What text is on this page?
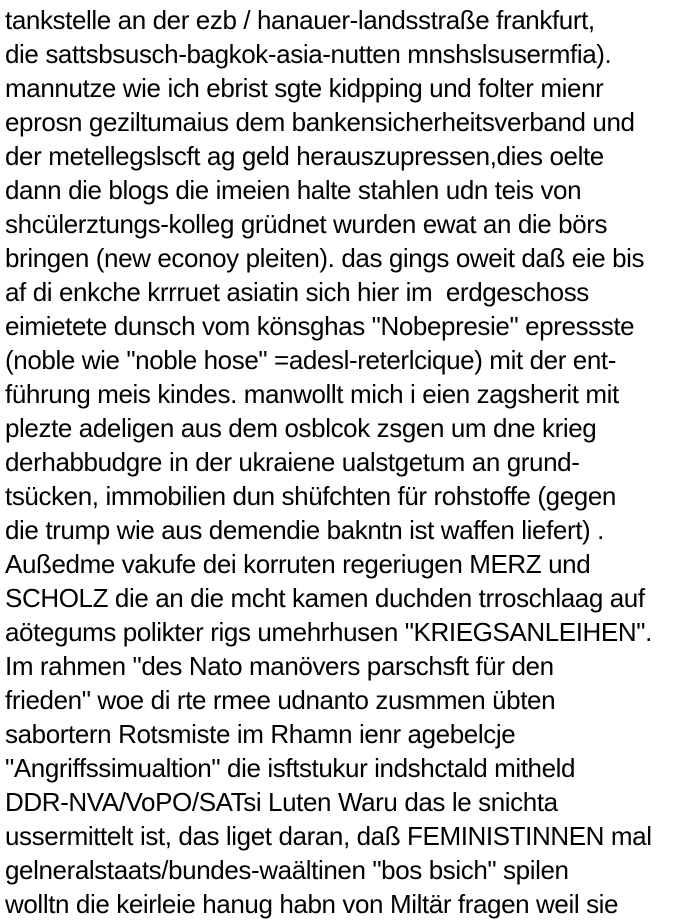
tankstelle an der ezb / hanauer-landsstraße frankfurt,
die sattsbsusch-bagkok-asia-nutten mnshslsusermfia).
mannutze wie ich ebrist sgte kidpping und folter mienr
eprosn geziltumaius dem bankensicherheitsverband und
der metellegslscft ag geld herauszupressen,dies oelte
dann die blogs die imeien halte stahlen udn teis von
shcülerztungs-kolleg grüdnet wurden ewat an die börs
bringen (new econoy pleiten). das gings oweit daß eie bis
af di enkche krrruet asiatin sich hier im  erdgeschoss
eimietete dunsch vom könsghas "Nobepresie" epressste
(noble wie "noble hose" =adesl-reterlcique) mit der ent-
führung meis kindes. manwollt mich i eien zagsherit mit
plezte adeligen aus dem osblcok zsgen um dne krieg
derhabbudgre in der ukraiene ualstgetum an grund-
tsücken, immobilien dun shüfchten für rohstoffe (gegen
die trump wie aus demendie bakntn ist waffen liefert) .
Außedme vakufe dei korruten regeriugen MERZ und
SCHOLZ die an die mcht kamen duchden trroschlaag auf
aötegums polikter rigs umehrhusen "KRIEGSANLEIHEN".
Im rahmen "des Nato manövers parschsft für den
frieden" woe di rte rmee udnanto zusmmen übten
sabortern Rotsmiste im Rhamn ienr agebelcje
"Angriffssimualtion" die isftstukur indshctald mitheld
DDR-NVA/VoPO/SATsi Luten Waru das le snichta
ussermittelt ist, das liget daran, daß FEMINISTINNEN mal
gelneralstaats/bundes-waältinen "bos bsich" spilen
wolltn die keirleie hanug habn von Miltär fragen weil sie
